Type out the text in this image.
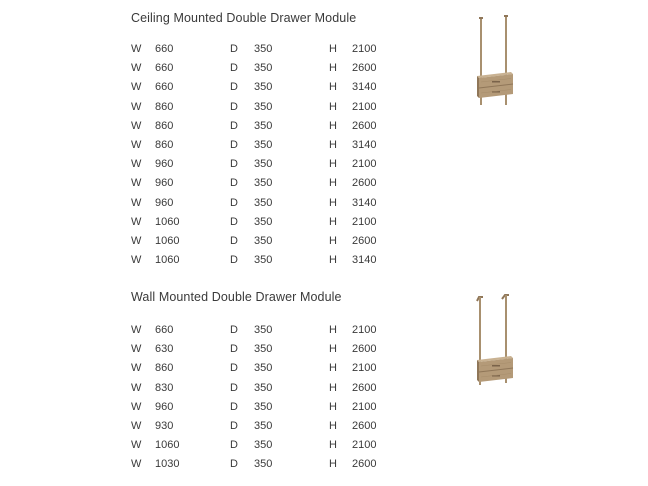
Ceiling Mounted Double Drawer Module
W 660	D 350	H 2100
W 660	D 350	H 2600
W 660	D 350	H 3140
W 860	D 350	H 2100
W 860	D 350	H 2600
W 860	D 350	H 3140
W 960	D 350	H 2100
W 960	D 350	H 2600
W 960	D 350	H 3140
W 1060	D 350	H 2100
W 1060	D 350	H 2600
W 1060	D 350	H 3140
Wall Mounted Double Drawer Module
W 660	D 350	H 2100
W 630	D 350	H 2600
W 860	D 350	H 2100
W 830	D 350	H 2600
W 960	D 350	H 2100
W 930	D 350	H 2600
W 1060	D 350	H 2100
W 1030	D 350	H 2600
